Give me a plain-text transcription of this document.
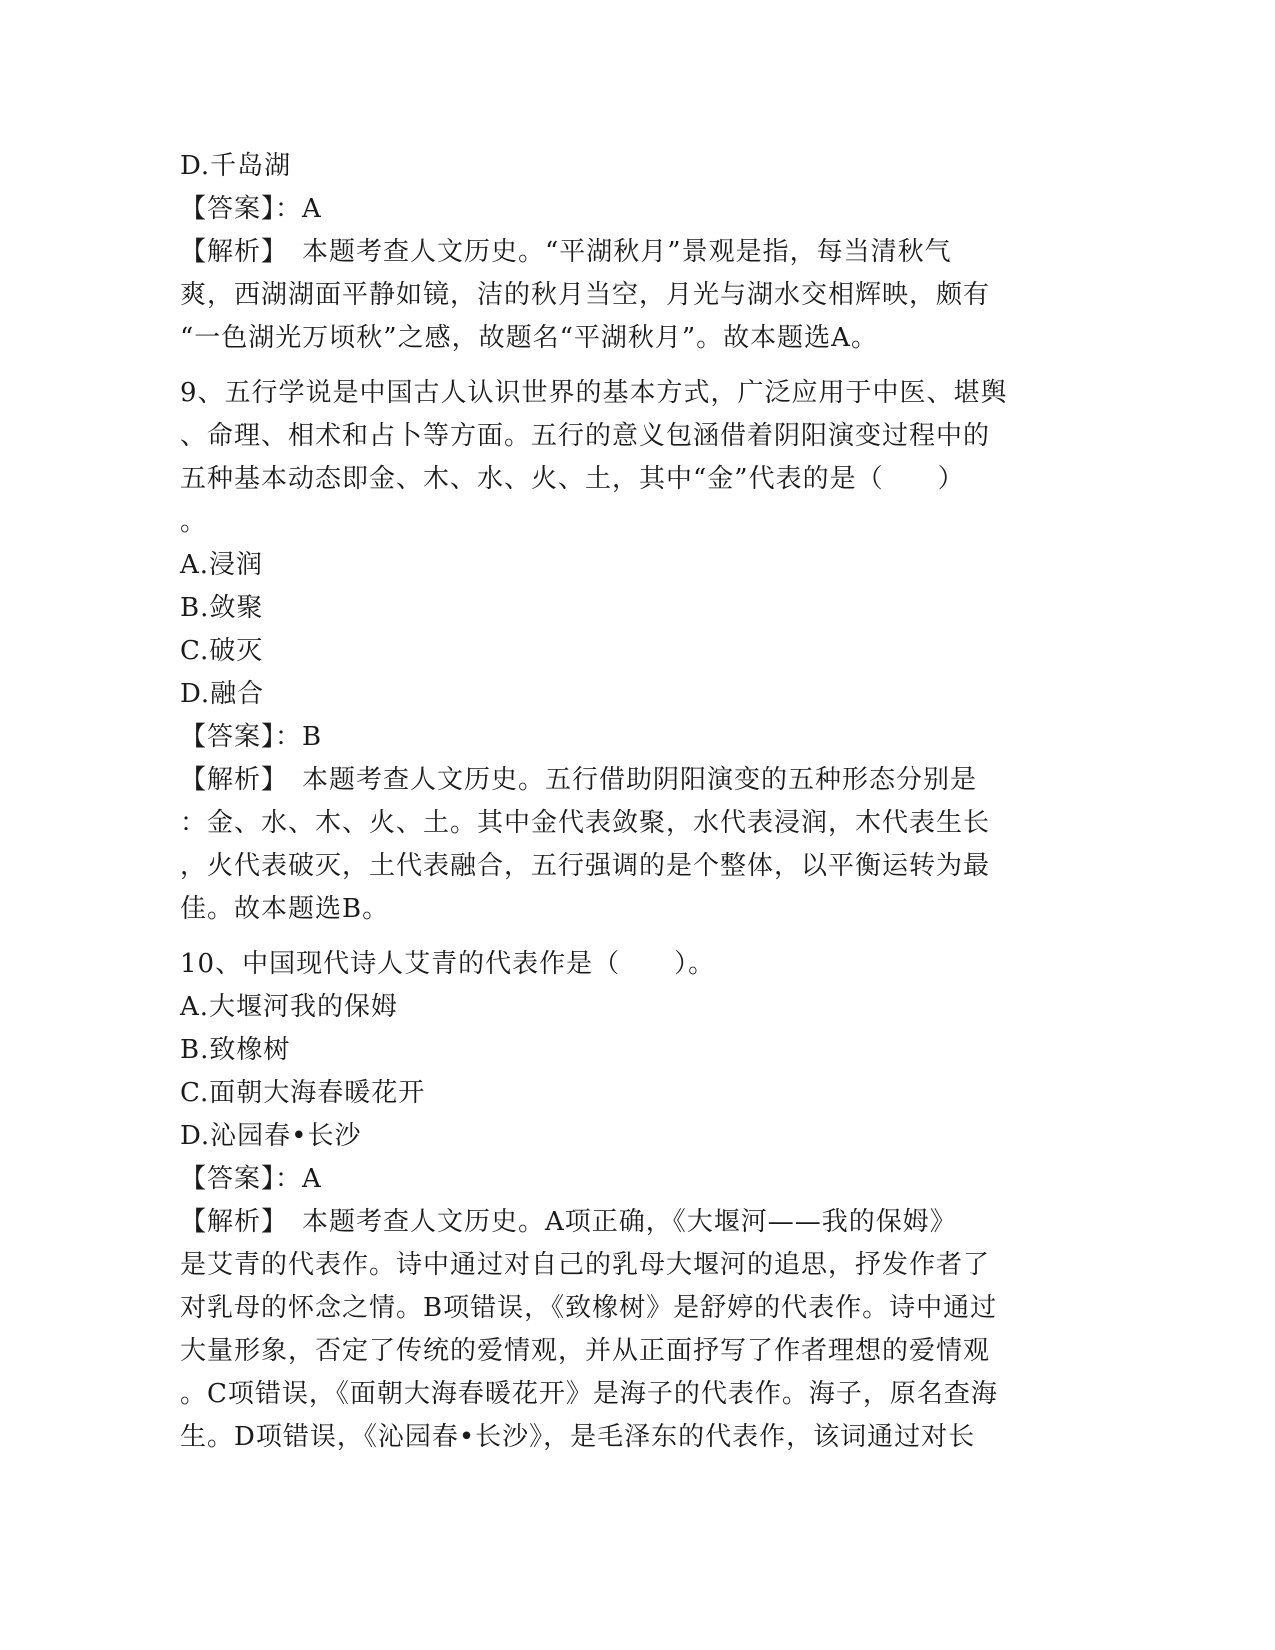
D.千岛湖
【答案】：A
【解析】　本题考查人文历史。“平湖秋月”景观是指，每当清秋气
爽，西湖湖面平静如镜，洁的秋月当空，月光与湖水交相辉映，颇有
“一色湖光万顷秋”之感，故题名“平湖秋月”。故本题选A。
9、五行学说是中国古人认识世界的基本方式，广泛应用于中医、堪舆
、命理、相术和占卜等方面。五行的意义包涵借着阴阳演变过程中的
五种基本动态即金、木、水、火、土，其中“金”代表的是（　　）
。
A.浸润
B.敛聚
C.破灭
D.融合
【答案】：B
【解析】　本题考查人文历史。五行借助阴阳演变的五种形态分别是
：金、水、木、火、土。其中金代表敛聚，水代表浸润，木代表生长
，火代表破灭，土代表融合，五行强调的是个整体，以平衡运转为最
佳。故本题选B。
10、中国现代诗人艾青的代表作是（　　）。
A.大堰河我的保姆
B.致橡树
C.面朝大海春暖花开
D.沁园春•长沙
【答案】：A
【解析】　本题考查人文历史。A项正确，《大堰河——我的保姆》
是艾青的代表作。诗中通过对自己的乳母大堰河的追思，抒发作者了
对乳母的怀念之情。B项错误，《致橡树》是舒婷的代表作。诗中通过
大量形象，否定了传统的爱情观，并从正面抒写了作者理想的爱情观
。C项错误，《面朝大海春暖花开》是海子的代表作。海子，原名查海
生。D项错误，《沁园春•长沙》，是毛泽东的代表作，该词通过对长
